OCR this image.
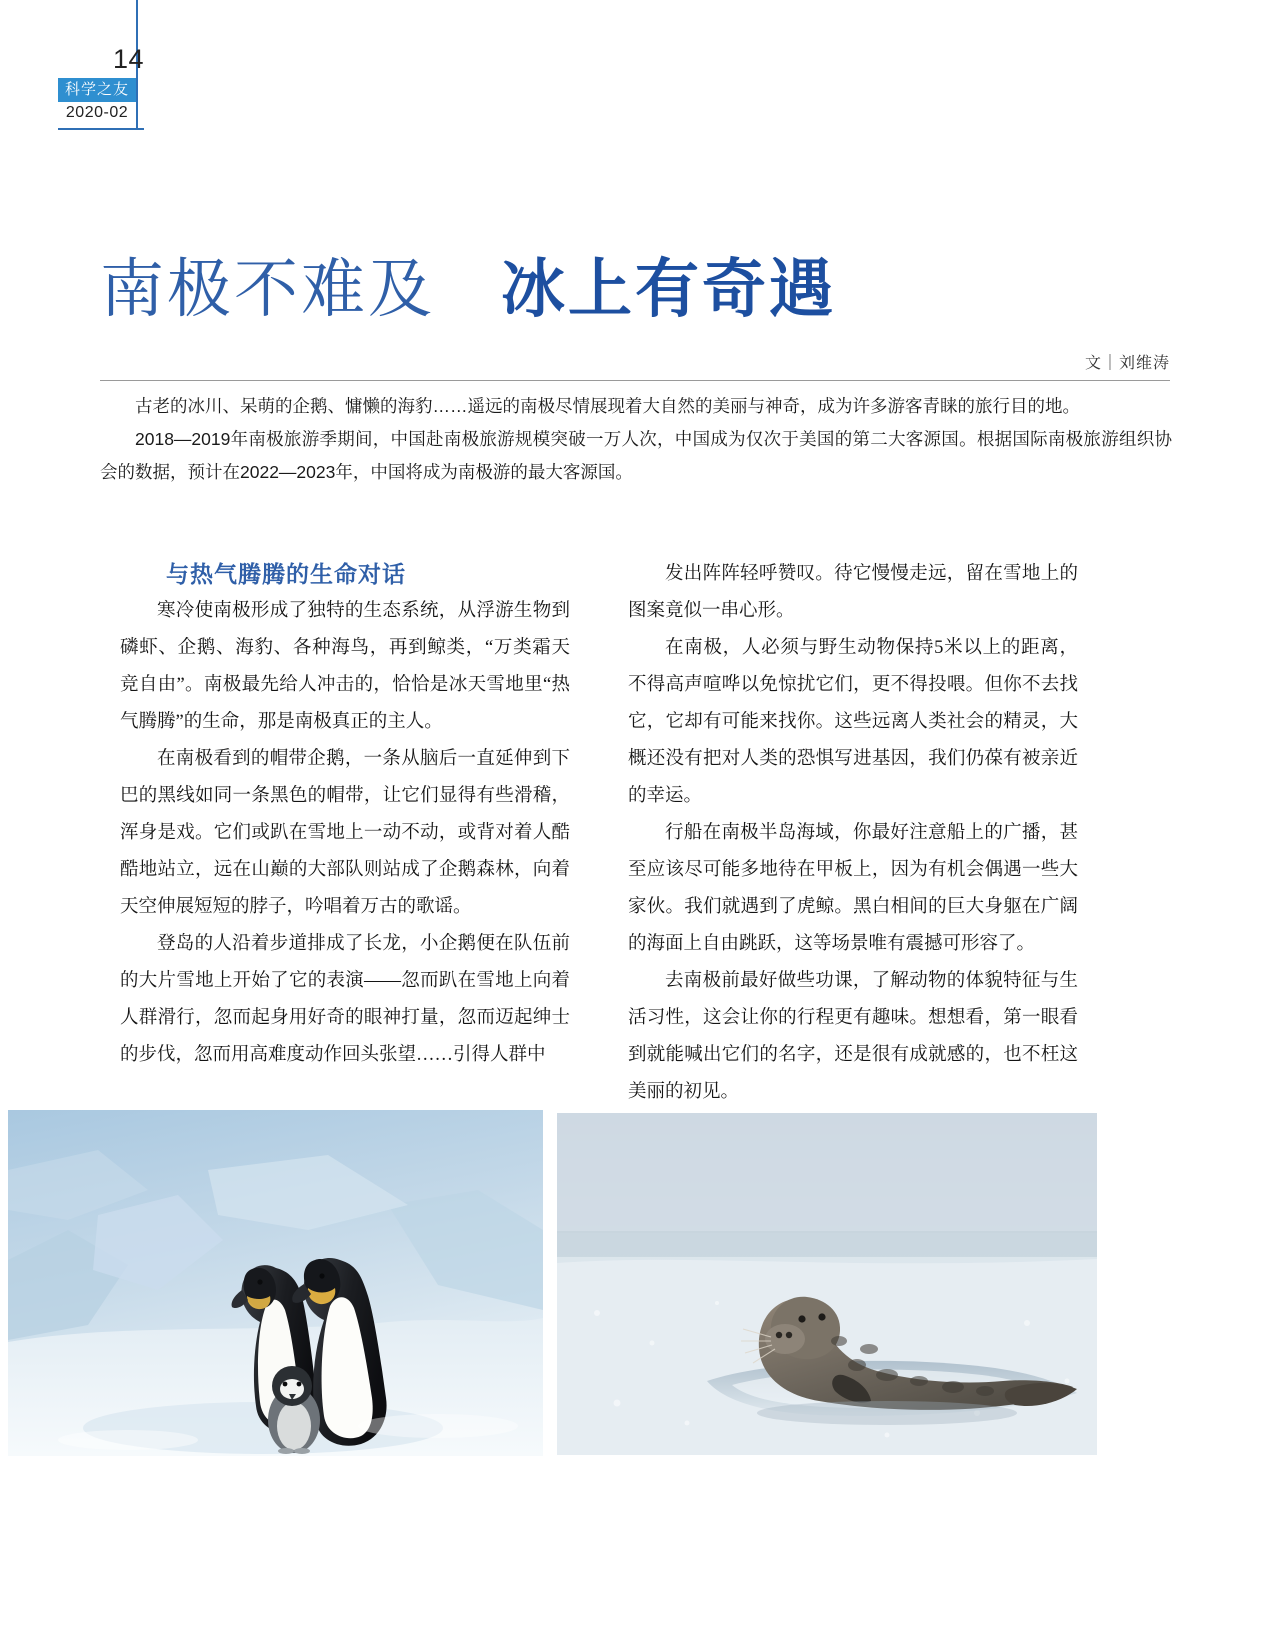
14
科学之友
2020-02
南极不难及 冰上有奇遇
文｜刘维涛

古老的冰川、呆萌的企鹅、慵懒的海豹……遥远的南极尽情展现着大自然的美丽与神奇，成为许多游客青睐的旅行目的地。

2018—2019年南极旅游季期间，中国赴南极旅游规模突破一万人次，中国成为仅次于美国的第二大客源国。根据国际南极旅游组织协会的数据，预计在2022—2023年，中国将成为南极游的最大客源国。

与热气腾腾的生命对话

寒冷使南极形成了独特的生态系统，从浮游生物到磷虾、企鹅、海豹、各种海鸟，再到鲸类，“万类霜天竞自由”。南极最先给人冲击的，恰恰是冰天雪地里“热气腾腾”的生命，那是南极真正的主人。

在南极看到的帽带企鹅，一条从脑后一直延伸到下巴的黑线如同一条黑色的帽带，让它们显得有些滑稽，浑身是戏。它们或趴在雪地上一动不动，或背对着人酷酷地站立，远在山巅的大部队则站成了企鹅森林，向着天空伸展短短的脖子，吟唱着万古的歌谣。

登岛的人沿着步道排成了长龙，小企鹅便在队伍前的大片雪地上开始了它的表演——忽而趴在雪地上向着人群滑行，忽而起身用好奇的眼神打量，忽而迈起绅士的步伐，忽而用高难度动作回头张望……引得人群中

发出阵阵轻呼赞叹。待它慢慢走远，留在雪地上的图案竟似一串心形。

在南极，人必须与野生动物保持5米以上的距离，不得高声喧哗以免惊扰它们，更不得投喂。但你不去找它，它却有可能来找你。这些远离人类社会的精灵，大概还没有把对人类的恐惧写进基因，我们仍葆有被亲近的幸运。

行船在南极半岛海域，你最好注意船上的广播，甚至应该尽可能多地待在甲板上，因为有机会偶遇一些大家伙。我们就遇到了虎鲸。黑白相间的巨大身躯在广阔的海面上自由跳跃，这等场景唯有震撼可形容了。

去南极前最好做些功课，了解动物的体貌特征与生活习性，这会让你的行程更有趣味。想想看，第一眼看到就能喊出它们的名字，还是很有成就感的，也不枉这美丽的初见。
